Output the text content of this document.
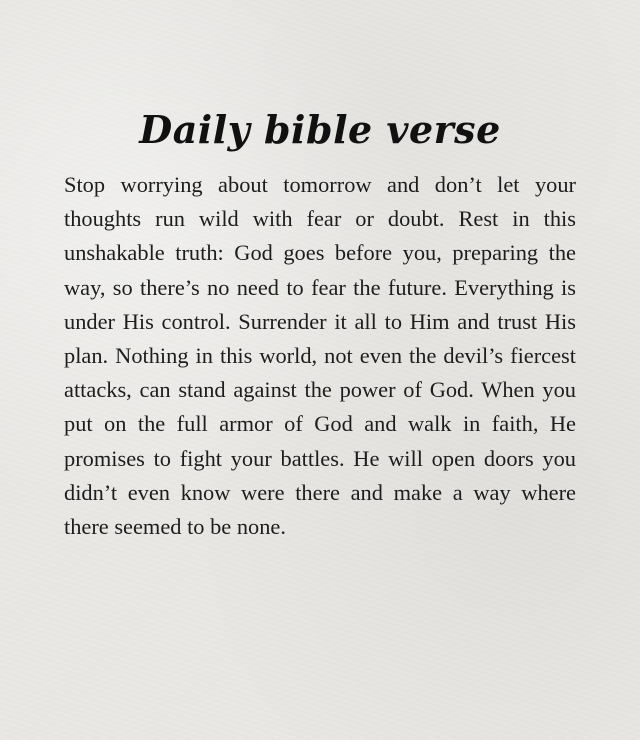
Daily bible verse

Stop worrying about tomorrow and don’t let your thoughts run wild with fear or doubt. Rest in this unshakable truth: God goes before you, preparing the way, so there’s no need to fear the future. Everything is under His control. Surrender it all to Him and trust His plan. Nothing in this world, not even the devil’s fiercest attacks, can stand against the power of God. When you put on the full armor of God and walk in faith, He promises to fight your battles. He will open doors you didn’t even know were there and make a way where there seemed to be none.
